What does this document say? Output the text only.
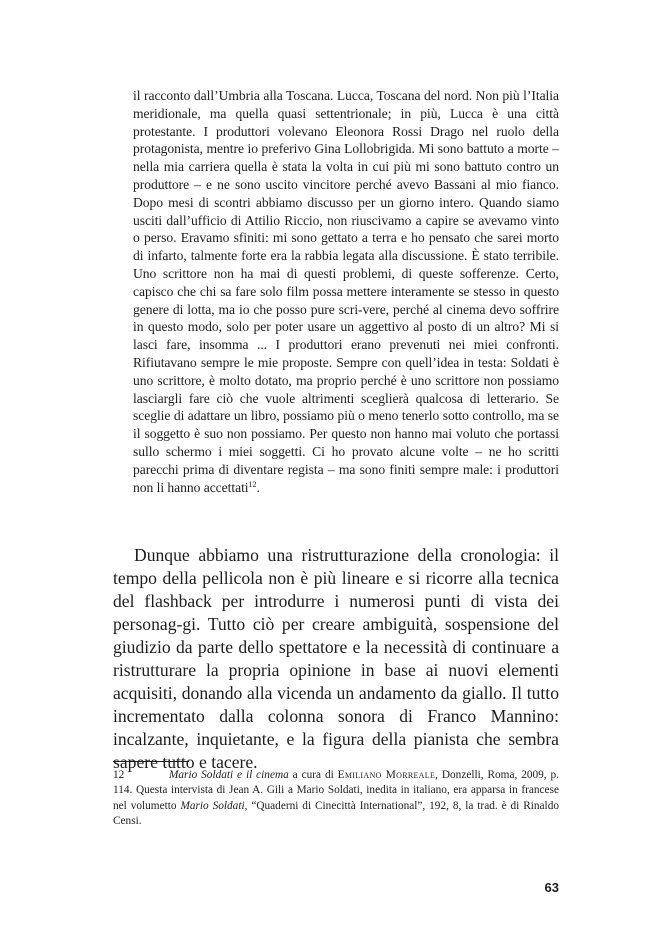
il racconto dall’Umbria alla Toscana. Lucca, Toscana del nord. Non più l’Italia meridionale, ma quella quasi settentrionale; in più, Lucca è una città protestante. I produttori volevano Eleonora Rossi Drago nel ruolo della protagonista, mentre io preferivo Gina Lollobrigida. Mi sono battuto a morte – nella mia carriera quella è stata la volta in cui più mi sono battuto contro un produttore – e ne sono uscito vincitore perché avevo Bassani al mio fianco. Dopo mesi di scontri abbiamo discusso per un giorno intero. Quando siamo usciti dall’ufficio di Attilio Riccio, non riuscivamo a capire se avevamo vinto o perso. Eravamo sfiniti: mi sono gettato a terra e ho pensato che sarei morto di infarto, talmente forte era la rabbia legata alla discussione. È stato terribile. Uno scrittore non ha mai di questi problemi, di queste sofferenze. Certo, capisco che chi sa fare solo film possa mettere interamente se stesso in questo genere di lotta, ma io che posso pure scri-vere, perché al cinema devo soffrire in questo modo, solo per poter usare un aggettivo al posto di un altro? Mi si lasci fare, insomma ... I produttori erano prevenuti nei miei confronti. Rifiutavano sempre le mie proposte. Sempre con quell’idea in testa: Soldati è uno scrittore, è molto dotato, ma proprio perché è uno scrittore non possiamo lasciargli fare ciò che vuole altrimenti sceglierà qualcosa di letterario. Se sceglie di adattare un libro, possiamo più o meno tenerlo sotto controllo, ma se il soggetto è suo non possiamo. Per questo non hanno mai voluto che portassi sullo schermo i miei soggetti. Ci ho provato alcune volte – ne ho scritti parecchi prima di diventare regista – ma sono finiti sempre male: i produttori non li hanno accettati$^{12}$.

Dunque abbiamo una ristrutturazione della cronologia: il tempo della pellicola non è più lineare e si ricorre alla tecnica del flashback per introdurre i numerosi punti di vista dei personag-gi. Tutto ciò per creare ambiguità, sospensione del giudizio da parte dello spettatore e la necessità di continuare a ristrutturare la propria opinione in base ai nuovi elementi acquisiti, donando alla vicenda un andamento da giallo. Il tutto incrementato dalla colonna sonora di Franco Mannino: incalzante, inquietante, e la figura della pianista che sembra sapere tutto e tacere.

12	Mario Soldati e il cinema a cura di Emiliano Morreale, Donzelli, Roma, 2009, p. 114. Questa intervista di Jean A. Gili a Mario Soldati, inedita in italiano, era apparsa in francese nel volumetto Mario Soldati, “Quaderni di Cinecittà International”, 192, 8, la trad. è di Rinaldo Censi.
63
